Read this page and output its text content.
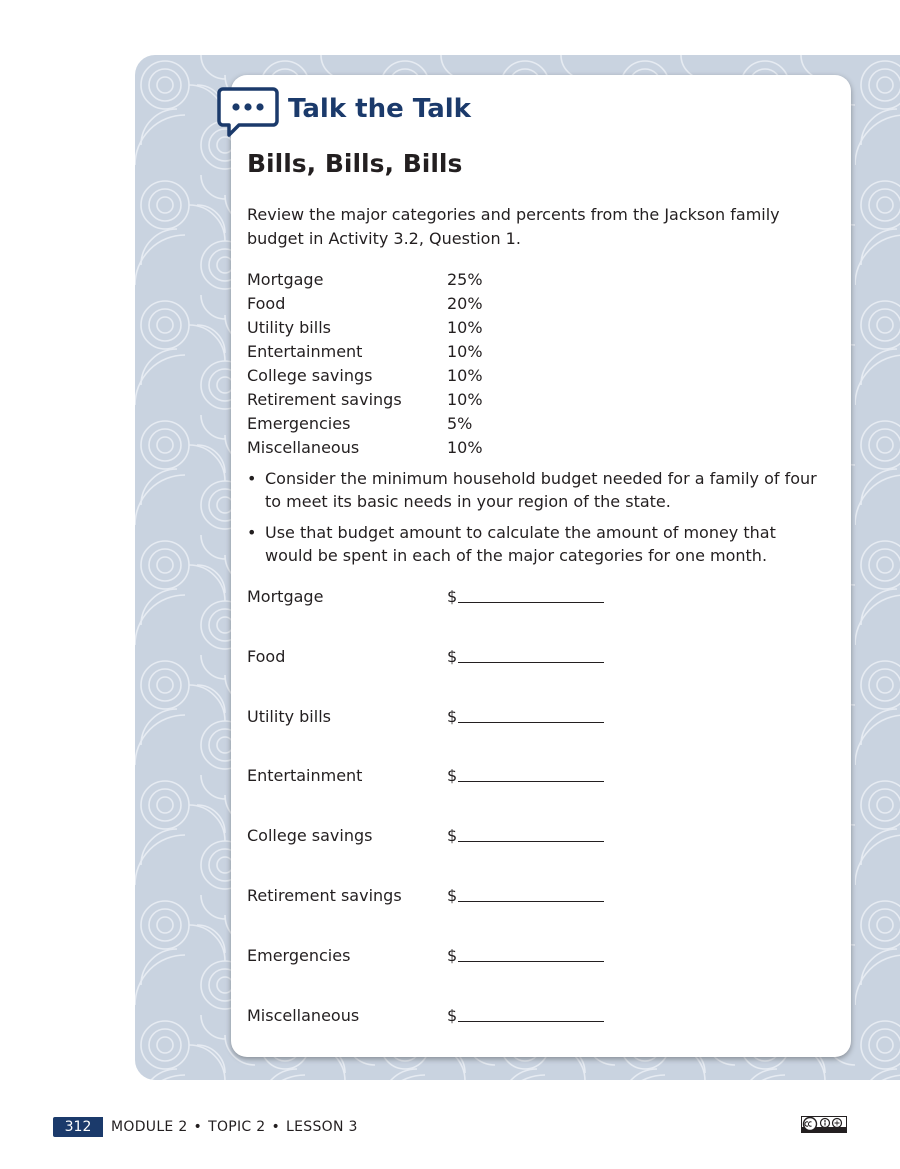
Talk the Talk
Bills, Bills, Bills

Review the major categories and percents from the Jackson family budget in Activity 3.2, Question 1.

Mortgage	25%
Food	20%
Utility bills	10%
Entertainment	10%
College savings	10%
Retirement savings	10%
Emergencies	5%
Miscellaneous	10%
• Consider the minimum household budget needed for a family of four to meet its basic needs in your region of the state.
• Use that budget amount to calculate the amount of money that would be spent in each of the major categories for one month.
Mortgage	$
Food	$
Utility bills	$
Entertainment	$
College savings	$
Retirement savings	$
Emergencies	$
Miscellaneous	$
312	MODULE 2 • TOPIC 2 • LESSON 3
